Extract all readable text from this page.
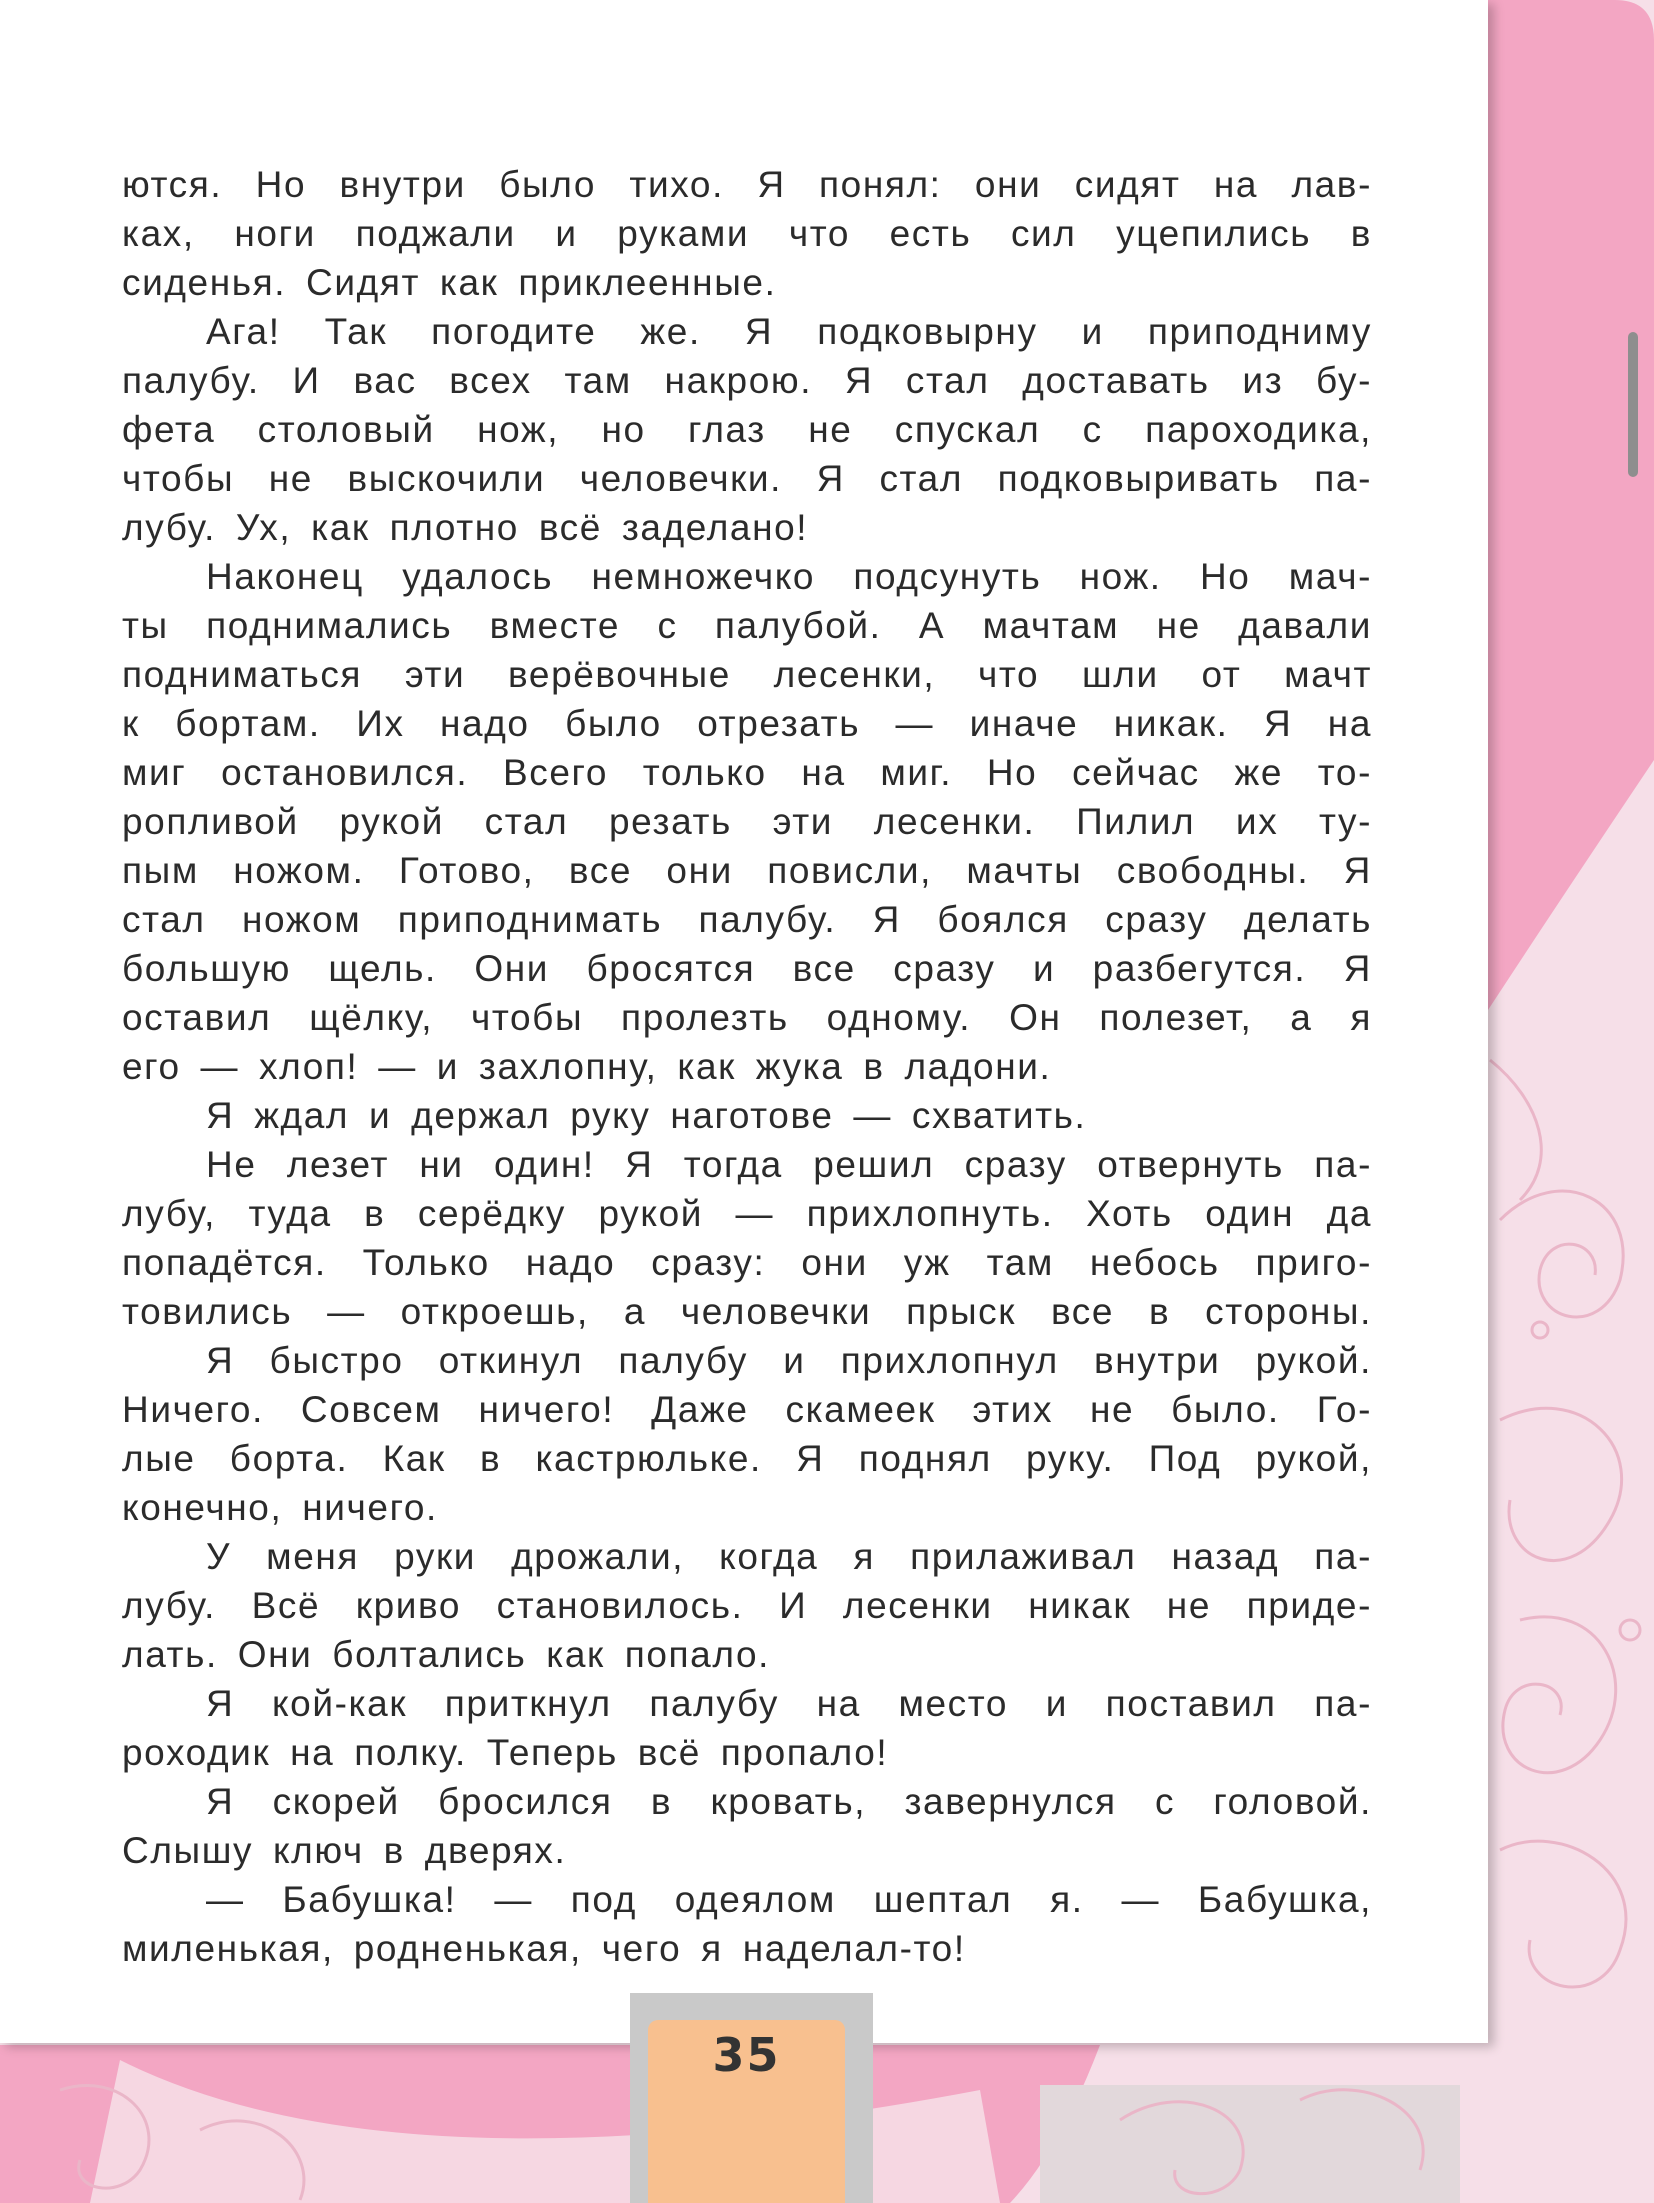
ются. Но внутри было тихо. Я понял: они сидят на лав-
ках, ноги поджали и руками что есть сил уцепились в
сиденья. Сидят как приклеенные.
Ага! Так погодите же. Я подковырну и приподниму
палубу. И вас всех там накрою. Я стал доставать из бу-
фета столовый нож, но глаз не спускал с пароходика,
чтобы не выскочили человечки. Я стал подковыривать па-
лубу. Ух, как плотно всё заделано!
Наконец удалось немножечко подсунуть нож. Но мач-
ты поднимались вместе с палубой. А мачтам не давали
подниматься эти верёвочные лесенки, что шли от мачт
к бортам. Их надо было отрезать — иначе никак. Я на
миг остановился. Всего только на миг. Но сейчас же то-
ропливой рукой стал резать эти лесенки. Пилил их ту-
пым ножом. Готово, все они повисли, мачты свободны. Я
стал ножом приподнимать палубу. Я боялся сразу делать
большую щель. Они бросятся все сразу и разбегутся. Я
оставил щёлку, чтобы пролезть одному. Он полезет, а я
его — хлоп! — и захлопну, как жука в ладони.
Я ждал и держал руку наготове — схватить.
Не лезет ни один! Я тогда решил сразу отвернуть па-
лубу, туда в серёдку рукой — прихлопнуть. Хоть один да
попадётся. Только надо сразу: они уж там небось приго-
товились — откроешь, а человечки прыск все в стороны.
Я быстро откинул палубу и прихлопнул внутри рукой.
Ничего. Совсем ничего! Даже скамеек этих не было. Го-
лые борта. Как в кастрюльке. Я поднял руку. Под рукой,
конечно, ничего.
У меня руки дрожали, когда я прилаживал назад па-
лубу. Всё криво становилось. И лесенки никак не приде-
лать. Они болтались как попало.
Я кой-как приткнул палубу на место и поставил па-
роходик на полку. Теперь всё пропало!
Я скорей бросился в кровать, завернулся с головой.
Слышу ключ в дверях.
— Бабушка! — под одеялом шептал я. — Бабушка,
миленькая, родненькая, чего я наделал-то!
35
